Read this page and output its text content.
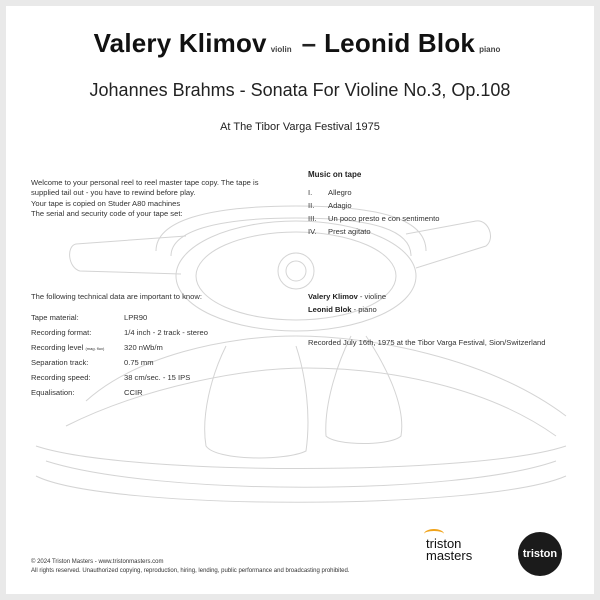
Valery Klimov violin – Leonid Blok piano
Johannes Brahms - Sonata For Violine No.3, Op.108
At The Tibor Varga Festival 1975
Welcome to your personal reel to reel master tape copy. The tape is
supplied tail out - you have to rewind before play.
Your tape is copied on Studer A80 machines
The serial and security code of your tape set:
Music on tape
I.	Allegro
II.	Adagio
III.	Un poco presto e con sentimento
IV.	Prest agitato
The following technical data are important to know:
Tape material:	LPR90
Recording format:	1/4 inch - 2 track - stereo
Recording level (mag. flux)	320 nWb/m
Separation track:	0.75 mm
Recording speed:	38 cm/sec. - 15 IPS
Equalisation:	CCIR
Valery Klimov - violine
Leonid Blok - piano
Recorded July 16th, 1975 at the Tibor Varga Festival, Sion/Switzerland
© 2024 Triston Masters - www.tristonmasters.com
All rights reserved. Unauthorized copying, reproduction, hiring, lending, public performance and broadcasting prohibited.
triston
masters	triston
